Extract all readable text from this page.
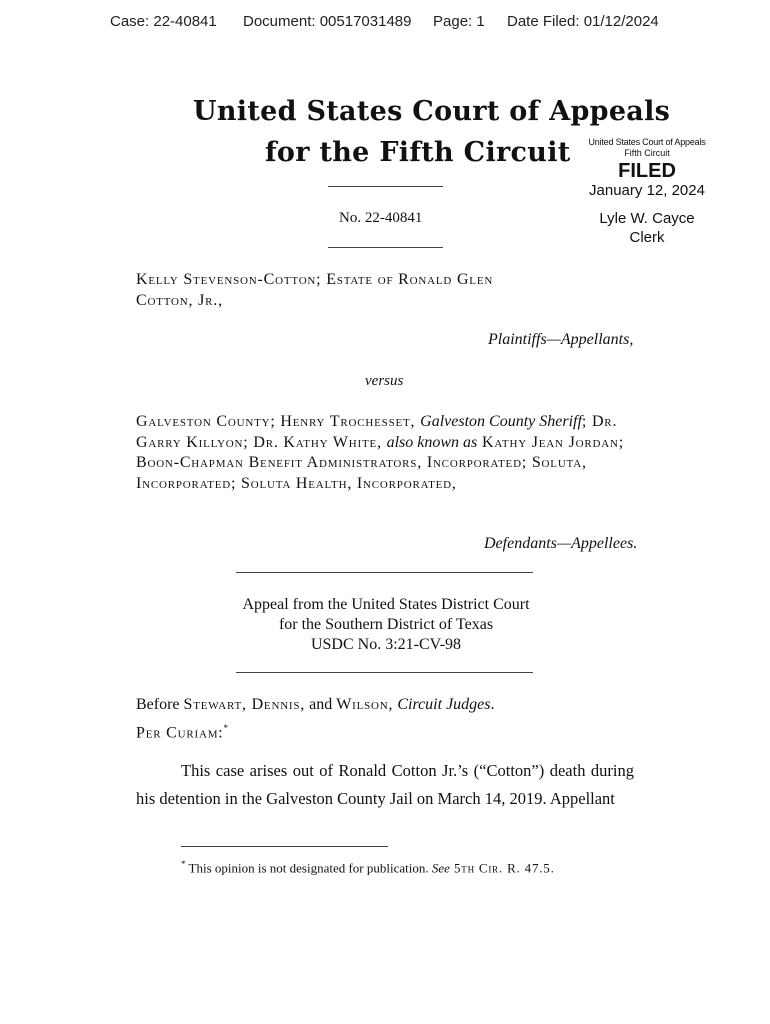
Case: 22-40841 Document: 00517031489 Page: 1 Date Filed: 01/12/2024
United States Court of Appeals
for the Fifth Circuit	United States Court of Appeals
Fifth Circuit
FILED
January 12, 2024
Lyle W. Cayce
Clerk
No. 22-40841
Kelly Stevenson-Cotton; Estate of Ronald Glen
Cotton, Jr.,
Plaintiffs—Appellants,
versus
Galveston County; Henry Trochesset, Galveston County Sheriff; Dr. Garry Killyon; Dr. Kathy White, also known as Kathy Jean Jordan; Boon-Chapman Benefit Administrators, Incorporated; Soluta, Incorporated; Soluta Health, Incorporated,
Defendants—Appellees.
Appeal from the United States District Court
for the Southern District of Texas
USDC No. 3:21-CV-98
Before Stewart, Dennis, and Wilson, Circuit Judges.
Per Curiam:*
This case arises out of Ronald Cotton Jr.’s (“Cotton”) death during his detention in the Galveston County Jail on March 14, 2019. Appellant
* This opinion is not designated for publication. See 5th Cir. R. 47.5.
